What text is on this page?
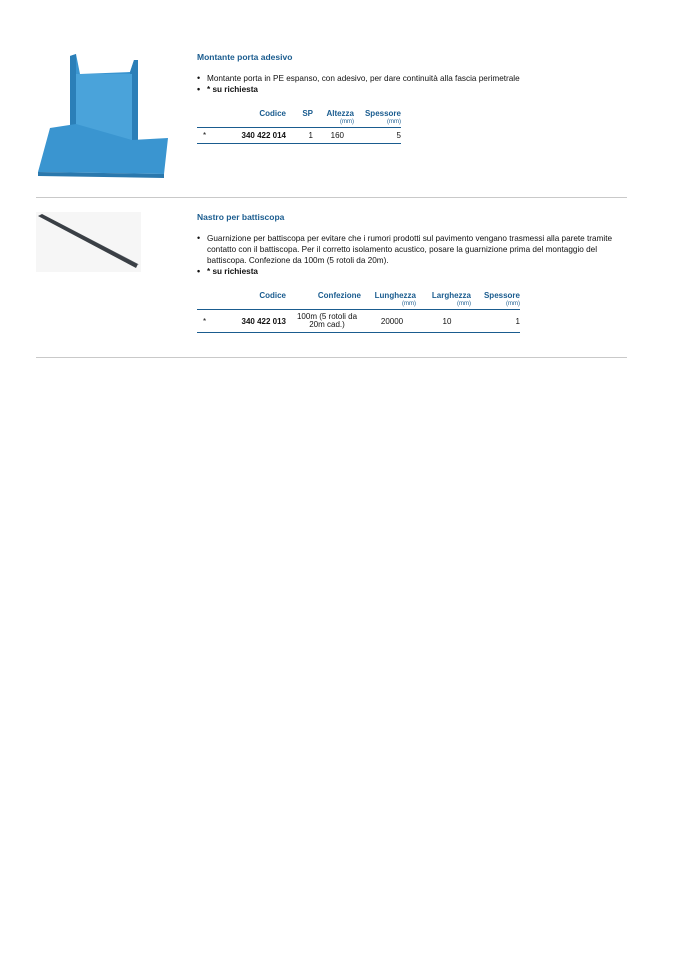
Montante porta adesivo
• Montante porta in PE espanso, con adesivo, per dare continuità alla fascia perimetrale
• * su richiesta
	Codice	SP	Altezza	Spessore
			(mm)	(mm)
*	340 422 014	1	160	5
Nastro per battiscopa
• Guarnizione per battiscopa per evitare che i rumori prodotti sul pavimento vengano trasmessi alla parete tramite contatto con il battiscopa. Per il corretto isolamento acustico, posare la guarnizione prima del montaggio del battiscopa. Confezione da 100m (5 rotoli da 20m).
• * su richiesta
	Codice	Confezione	Lunghezza	Larghezza	Spessore
			(mm)	(mm)	(mm)
*	340 422 013	100m (5 rotoli da 20m cad.)	20000	10	1
